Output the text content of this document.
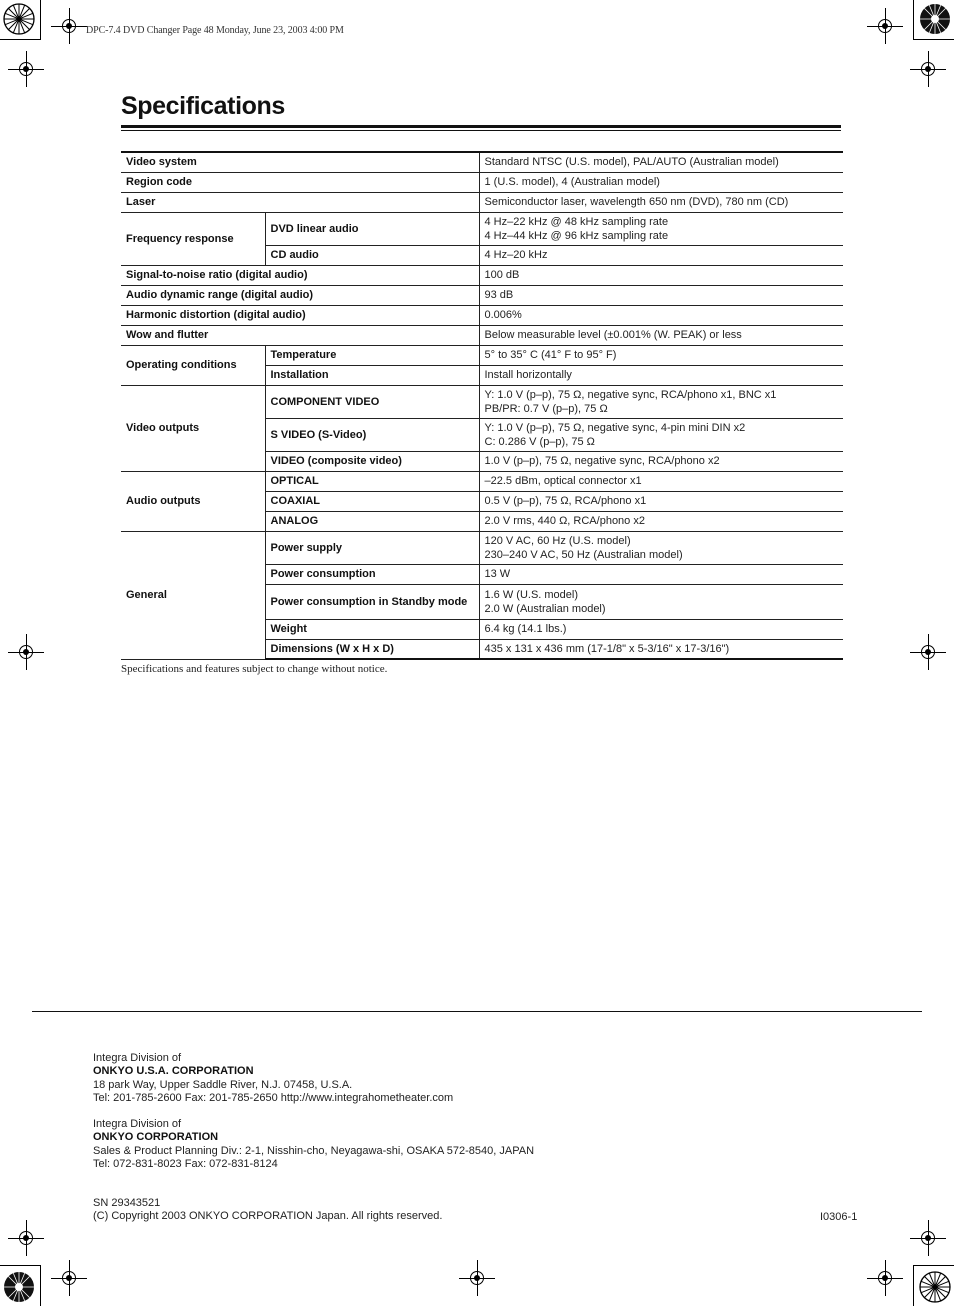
DPC-7.4 DVD Changer Page 48 Monday, June 23, 2003 4:00 PM
Specifications
Video system		Standard NTSC (U.S. model), PAL/AUTO (Australian model)
Region code		1 (U.S. model), 4 (Australian model)
Laser		Semiconductor laser, wavelength 650 nm (DVD), 780 nm (CD)
Frequency response	DVD linear audio	4 Hz–22 kHz @ 48 kHz sampling rate
4 Hz–44 kHz @ 96 kHz sampling rate

	CD audio	4 Hz–20 kHz
Signal-to-noise ratio (digital audio)		100 dB
Audio dynamic range (digital audio)		93 dB
Harmonic distortion (digital audio)		0.006%
Wow and flutter		Below measurable level (±0.001% (W. PEAK) or less
Operating conditions	Temperature	5° to 35° C (41° F to 95° F)
	Installation	Install horizontally
Video outputs	COMPONENT VIDEO	Y: 1.0 V (p–p), 75 Ω, negative sync, RCA/phono x1, BNC x1
PB/PR: 0.7 V (p–p), 75 Ω

	S VIDEO (S-Video)	Y: 1.0 V (p–p), 75 Ω, negative sync, 4-pin mini DIN x2
C: 0.286 V (p–p), 75 Ω

	VIDEO (composite video)	1.0 V (p–p), 75 Ω, negative sync, RCA/phono x2
Audio outputs	OPTICAL	–22.5 dBm, optical connector x1
	COAXIAL	0.5 V (p–p), 75 Ω, RCA/phono x1
	ANALOG	2.0 V rms, 440 Ω, RCA/phono x2
General	Power supply	120 V AC, 60 Hz (U.S. model)
230–240 V AC, 50 Hz (Australian model)

	Power consumption	13 W
	Power consumption in Standby mode	1.6 W (U.S. model)
2.0 W (Australian model)

	Weight	6.4 kg (14.1 lbs.)
	Dimensions (W x H x D)	435 x 131 x 436 mm (17-1/8" x 5-3/16" x 17-3/16")
Specifications and features subject to change without notice.
Integra Division of
ONKYO U.S.A. CORPORATION
18 park Way, Upper Saddle River, N.J. 07458, U.S.A.
Tel: 201-785-2600 Fax: 201-785-2650 http://www.integrahometheater.com
Integra Division of
ONKYO CORPORATION
Sales & Product Planning Div.: 2-1, Nisshin-cho, Neyagawa-shi, OSAKA 572-8540, JAPAN
Tel: 072-831-8023 Fax: 072-831-8124
SN 29343521
(C) Copyright 2003 ONKYO CORPORATION Japan. All rights reserved.	I0306-1
